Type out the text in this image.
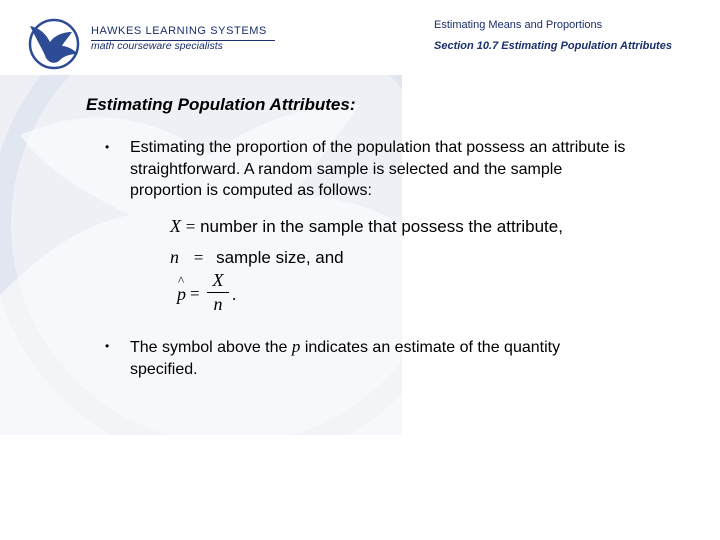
HAWKES LEARNING SYSTEMS
math courseware specialists
Estimating Means and Proportions
Section 10.7 Estimating Population Attributes
Estimating Population Attributes:
• Estimating the proportion of the population that possess an attribute is straightforward. A random sample is selected and the sample proportion is computed as follows:
X = number in the sample that possess the attribute,
n = sample size, and
^
p =
X
n .
• The symbol above the p indicates an estimate of the quantity specified.
